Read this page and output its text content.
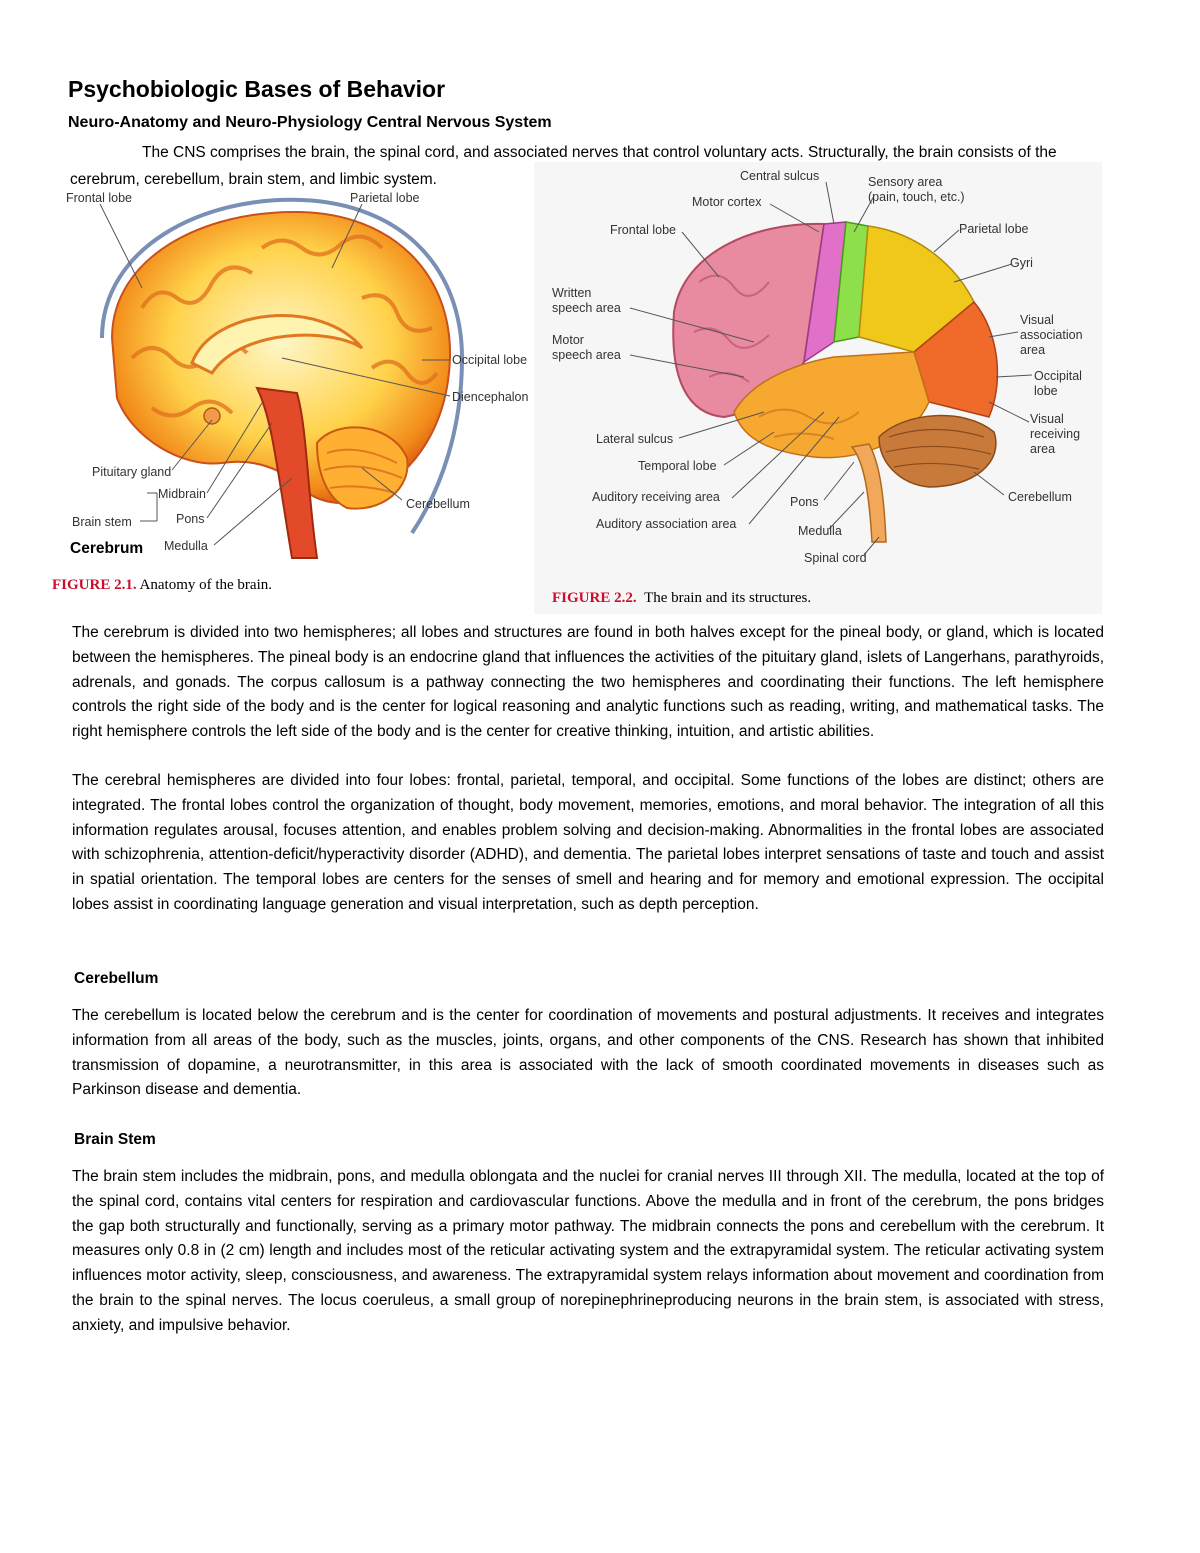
Psychobiologic Bases of Behavior
Neuro-Anatomy and Neuro-Physiology Central Nervous System

The CNS comprises the brain, the spinal cord, and associated nerves that control voluntary acts. Structurally, the brain consists of the cerebrum, cerebellum, brain stem, and limbic system.

Frontal lobe	Parietal lobe
Occipital lobe
Diencephalon
Pituitary gland
Midbrain
Brain stem	Pons
Medulla
Cerebellum
FIGURE 2.1. Anatomy of the brain.
Central sulcus
Motor cortex
Sensory area
(pain, touch, etc.)
Frontal lobe	Parietal lobe
Gyri
Written
speech area
Motor
speech area
Visual
association
area
Occipital
lobe
Visual
receiving
area
Lateral sulcus
Temporal lobe
Auditory receiving area
Auditory association area
Pons
Medulla
Spinal cord
Cerebellum
FIGURE 2.2. The brain and its structures.
Cerebrum

The cerebrum is divided into two hemispheres; all lobes and structures are found in both halves except for the pineal body, or gland, which is located between the hemispheres. The pineal body is an endocrine gland that influences the activities of the pituitary gland, islets of Langerhans, parathyroids, adrenals, and gonads. The corpus callosum is a pathway connecting the two hemispheres and coordinating their functions. The left hemisphere controls the right side of the body and is the center for logical reasoning and analytic functions such as reading, writing, and mathematical tasks. The right hemisphere controls the left side of the body and is the center for creative thinking, intuition, and artistic abilities.

The cerebral hemispheres are divided into four lobes: frontal, parietal, temporal, and occipital. Some functions of the lobes are distinct; others are integrated. The frontal lobes control the organization of thought, body movement, memories, emotions, and moral behavior. The integration of all this information regulates arousal, focuses attention, and enables problem solving and decision-making. Abnormalities in the frontal lobes are associated with schizophrenia, attention-deficit/hyperactivity disorder (ADHD), and dementia. The parietal lobes interpret sensations of taste and touch and assist in spatial orientation. The temporal lobes are centers for the senses of smell and hearing and for memory and emotional expression. The occipital lobes assist in coordinating language generation and visual interpretation, such as depth perception.

Cerebellum

The cerebellum is located below the cerebrum and is the center for coordination of movements and postural adjustments. It receives and integrates information from all areas of the body, such as the muscles, joints, organs, and other components of the CNS. Research has shown that inhibited transmission of dopamine, a neurotransmitter, in this area is associated with the lack of smooth coordinated movements in diseases such as Parkinson disease and dementia.

Brain Stem

The brain stem includes the midbrain, pons, and medulla oblongata and the nuclei for cranial nerves III through XII. The medulla, located at the top of the spinal cord, contains vital centers for respiration and cardiovascular functions. Above the medulla and in front of the cerebrum, the pons bridges the gap both structurally and functionally, serving as a primary motor pathway. The midbrain connects the pons and cerebellum with the cerebrum. It measures only 0.8 in (2 cm) length and includes most of the reticular activating system and the extrapyramidal system. The reticular activating system influences motor activity, sleep, consciousness, and awareness. The extrapyramidal system relays information about movement and coordination from the brain to the spinal nerves. The locus coeruleus, a small group of norepinephrineproducing neurons in the brain stem, is associated with stress, anxiety, and impulsive behavior.
